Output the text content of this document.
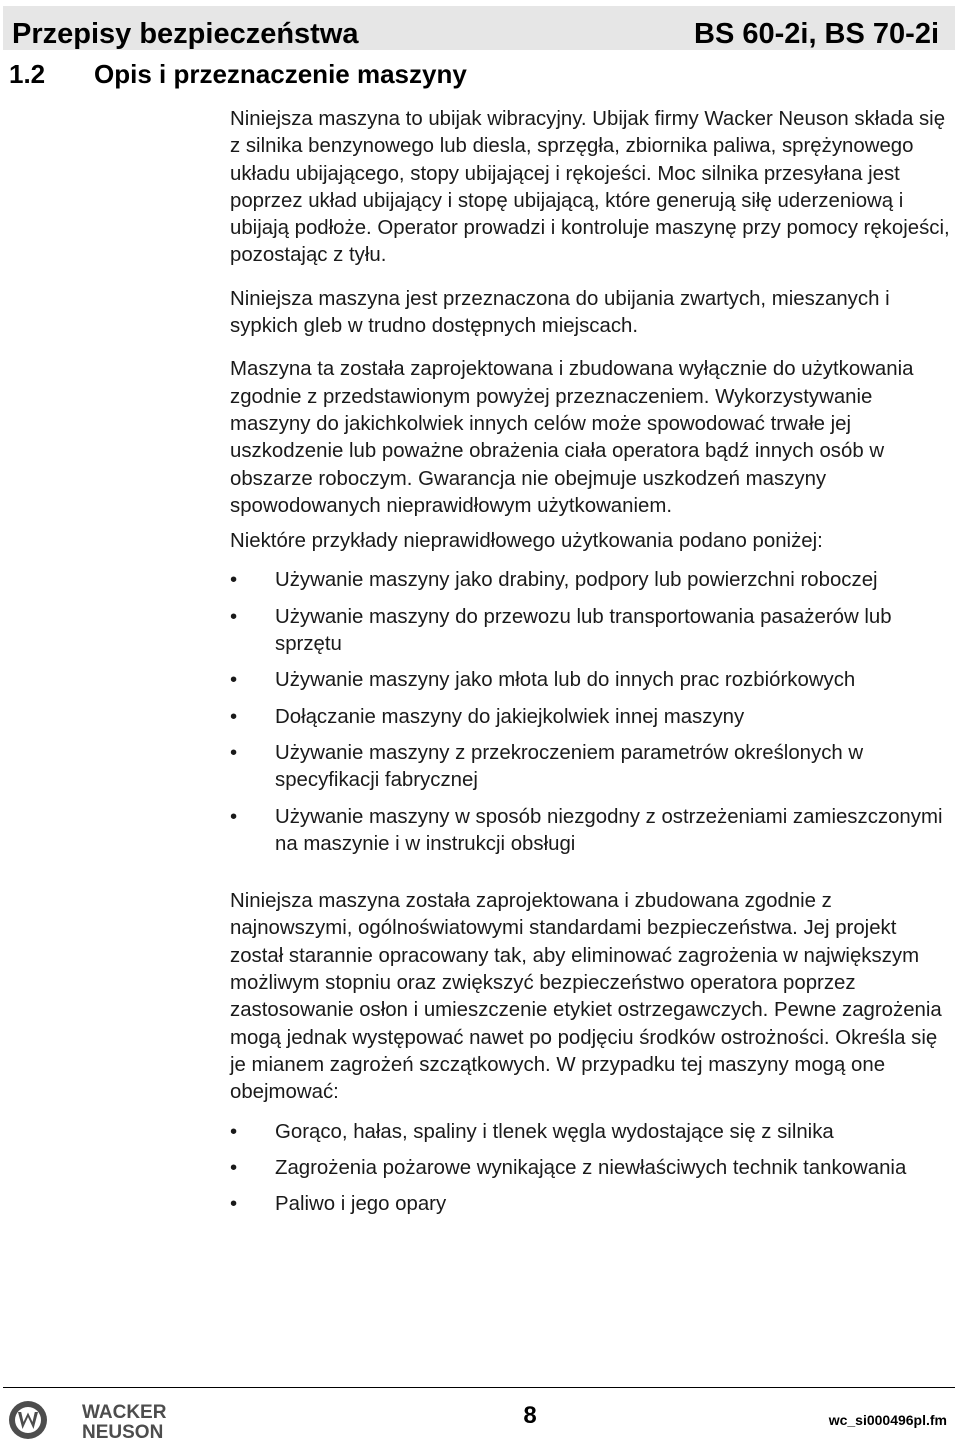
Przepisy bezpieczeństwa	BS 60-2i, BS 70-2i
1.2 Opis i przeznaczenie maszyny

Niniejsza maszyna to ubijak wibracyjny. Ubijak firmy Wacker Neuson składa się z silnika benzynowego lub diesla, sprzęgła, zbiornika paliwa, sprężynowego układu ubijającego, stopy ubijającej i rękojeści. Moc silnika przesyłana jest poprzez układ ubijający i stopę ubijającą, które generują siłę uderzeniową i ubijają podłoże. Operator prowadzi i kontroluje maszynę przy pomocy rękojeści, pozostając z tyłu.

Niniejsza maszyna jest przeznaczona do ubijania zwartych, mieszanych i sypkich gleb w trudno dostępnych miejscach.

Maszyna ta została zaprojektowana i zbudowana wyłącznie do użytkowania zgodnie z przedstawionym powyżej przeznaczeniem. Wykorzystywanie maszyny do jakichkolwiek innych celów może spowodować trwałe jej uszkodzenie lub poważne obrażenia ciała operatora bądź innych osób w obszarze roboczym. Gwarancja nie obejmuje uszkodzeń maszyny spowodowanych nieprawidłowym użytkowaniem.

Niektóre przykłady nieprawidłowego użytkowania podano poniżej:

• Używanie maszyny jako drabiny, podpory lub powierzchni roboczej
• Używanie maszyny do przewozu lub transportowania pasażerów lub sprzętu
• Używanie maszyny jako młota lub do innych prac rozbiórkowych
• Dołączanie maszyny do jakiejkolwiek innej maszyny
• Używanie maszyny z przekroczeniem parametrów określonych w specyfikacji fabrycznej
• Używanie maszyny w sposób niezgodny z ostrzeżeniami zamieszczonymi na maszynie i w instrukcji obsługi

Niniejsza maszyna została zaprojektowana i zbudowana zgodnie z najnowszymi, ogólnoświatowymi standardami bezpieczeństwa. Jej projekt został starannie opracowany tak, aby eliminować zagrożenia w największym możliwym stopniu oraz zwiększyć bezpieczeństwo operatora poprzez zastosowanie osłon i umieszczenie etykiet ostrzegawczych. Pewne zagrożenia mogą jednak występować nawet po podjęciu środków ostrożności. Określa się je mianem zagrożeń szczątkowych. W przypadku tej maszyny mogą one obejmować:

• Gorąco, hałas, spaliny i tlenek węgla wydostające się z silnika
• Zagrożenia pożarowe wynikające z niewłaściwych technik tankowania
• Paliwo i jego opary
WACKER
NEUSON
8	wc_si000496pl.fm
